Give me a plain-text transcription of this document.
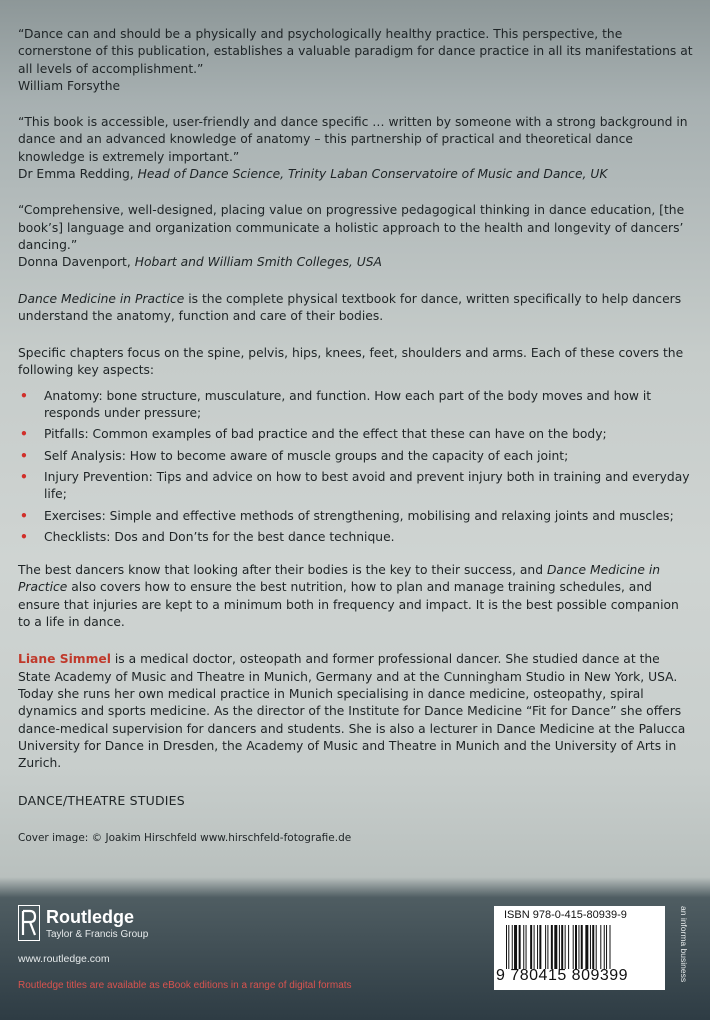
“Dance can and should be a physically and psychologically healthy practice. This perspective, the cornerstone of this publication, establishes a valuable paradigm for dance practice in all its manifestations at all levels of accomplishment.”

William Forsythe

“This book is accessible, user-friendly and dance specific … written by someone with a strong background in dance and an advanced knowledge of anatomy – this partnership of practical and theoretical dance knowledge is extremely important.”

Dr Emma Redding, Head of Dance Science, Trinity Laban Conservatoire of Music and Dance, UK

“Comprehensive, well-designed, placing value on progressive pedagogical thinking in dance education, [the book’s] language and organization communicate a holistic approach to the health and longevity of dancers’ dancing.”

Donna Davenport, Hobart and William Smith Colleges, USA

Dance Medicine in Practice is the complete physical textbook for dance, written specifically to help dancers understand the anatomy, function and care of their bodies.

Specific chapters focus on the spine, pelvis, hips, knees, feet, shoulders and arms. Each of these covers the following key aspects:

• Anatomy: bone structure, musculature, and function. How each part of the body moves and how it responds under pressure;
• Pitfalls: Common examples of bad practice and the effect that these can have on the body;
• Self Analysis: How to become aware of muscle groups and the capacity of each joint;
• Injury Prevention: Tips and advice on how to best avoid and prevent injury both in training and everyday life;
• Exercises: Simple and effective methods of strengthening, mobilising and relaxing joints and muscles;
• Checklists: Dos and Don’ts for the best dance technique.

The best dancers know that looking after their bodies is the key to their success, and Dance Medicine in Practice also covers how to ensure the best nutrition, how to plan and manage training schedules, and ensure that injuries are kept to a minimum both in frequency and impact. It is the best possible companion to a life in dance.

Liane Simmel is a medical doctor, osteopath and former professional dancer. She studied dance at the State Academy of Music and Theatre in Munich, Germany and at the Cunningham Studio in New York, USA. Today she runs her own medical practice in Munich specialising in dance medicine, osteopathy, spiral dynamics and sports medicine. As the director of the Institute for Dance Medicine “Fit for Dance” she offers dance-medical supervision for dancers and students. She is also a lecturer in Dance Medicine at the Palucca University for Dance in Dresden, the Academy of Music and Theatre in Munich and the University of Arts in Zurich.

DANCE/THEATRE STUDIES
Cover image: © Joakim Hirschfeld www.hirschfeld-fotografie.de
Routledge
Taylor & Francis Group
www.routledge.com
Routledge titles are available as eBook editions in a range of digital formats
ISBN 978-0-415-80939-9
9 780415 809399	an informa business
